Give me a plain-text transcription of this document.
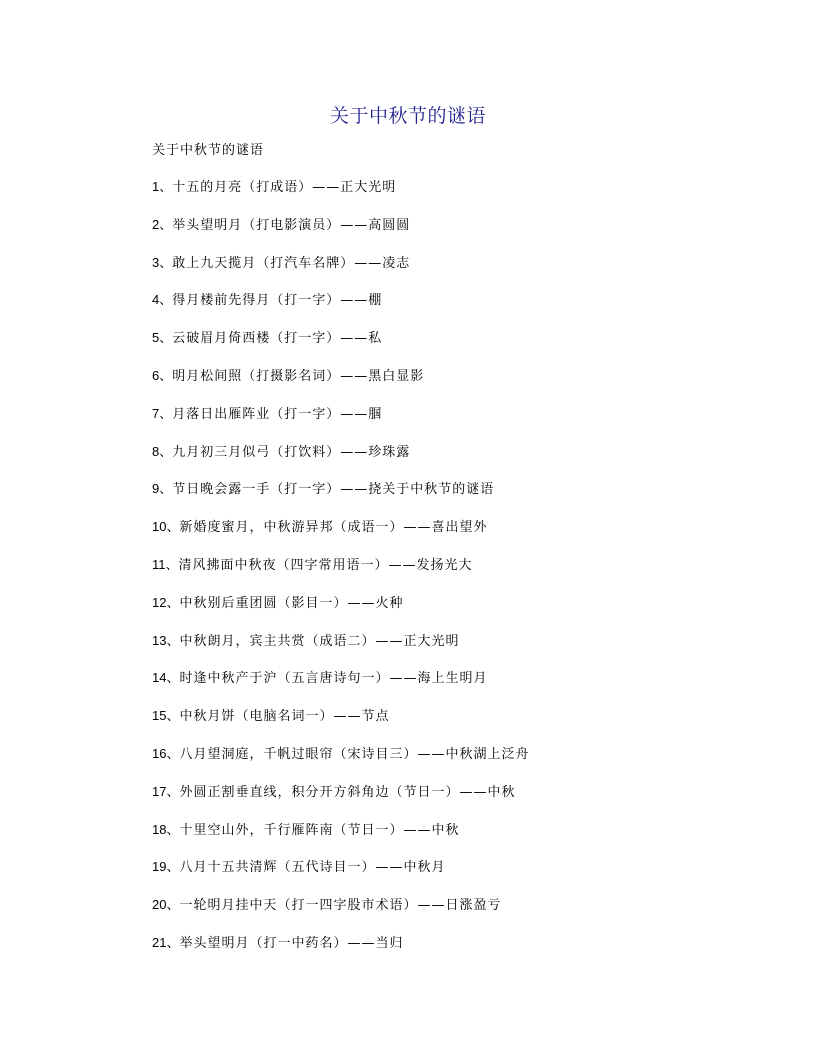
关于中秋节的谜语
关于中秋节的谜语
1、十五的月亮（打成语）——正大光明
2、举头望明月（打电影演员）——高圆圆
3、敢上九天揽月（打汽车名牌）——凌志
4、得月楼前先得月（打一字）——棚
5、云破眉月倚西楼（打一字）——私
6、明月松间照（打摄影名词）——黑白显影
7、月落日出雁阵业（打一字）——腘
8、九月初三月似弓（打饮料）——珍珠露
9、节日晚会露一手（打一字）——挠关于中秋节的谜语
10、新婚度蜜月，中秋游异邦（成语一）——喜出望外
11、清风拂面中秋夜（四字常用语一）——发扬光大
12、中秋别后重团圆（影目一）——火种
13、中秋朗月，宾主共赏（成语二）——正大光明
14、时逢中秋产于沪（五言唐诗句一）——海上生明月
15、中秋月饼（电脑名词一）——节点
16、八月望洞庭，千帆过眼帘（宋诗目三）——中秋湖上泛舟
17、外圆正割垂直线，积分开方斜角边（节日一）——中秋
18、十里空山外，千行雁阵南（节日一）——中秋
19、八月十五共清辉（五代诗目一）——中秋月
20、一轮明月挂中天（打一四字股市术语）——日涨盈亏
21、举头望明月（打一中药名）——当归
